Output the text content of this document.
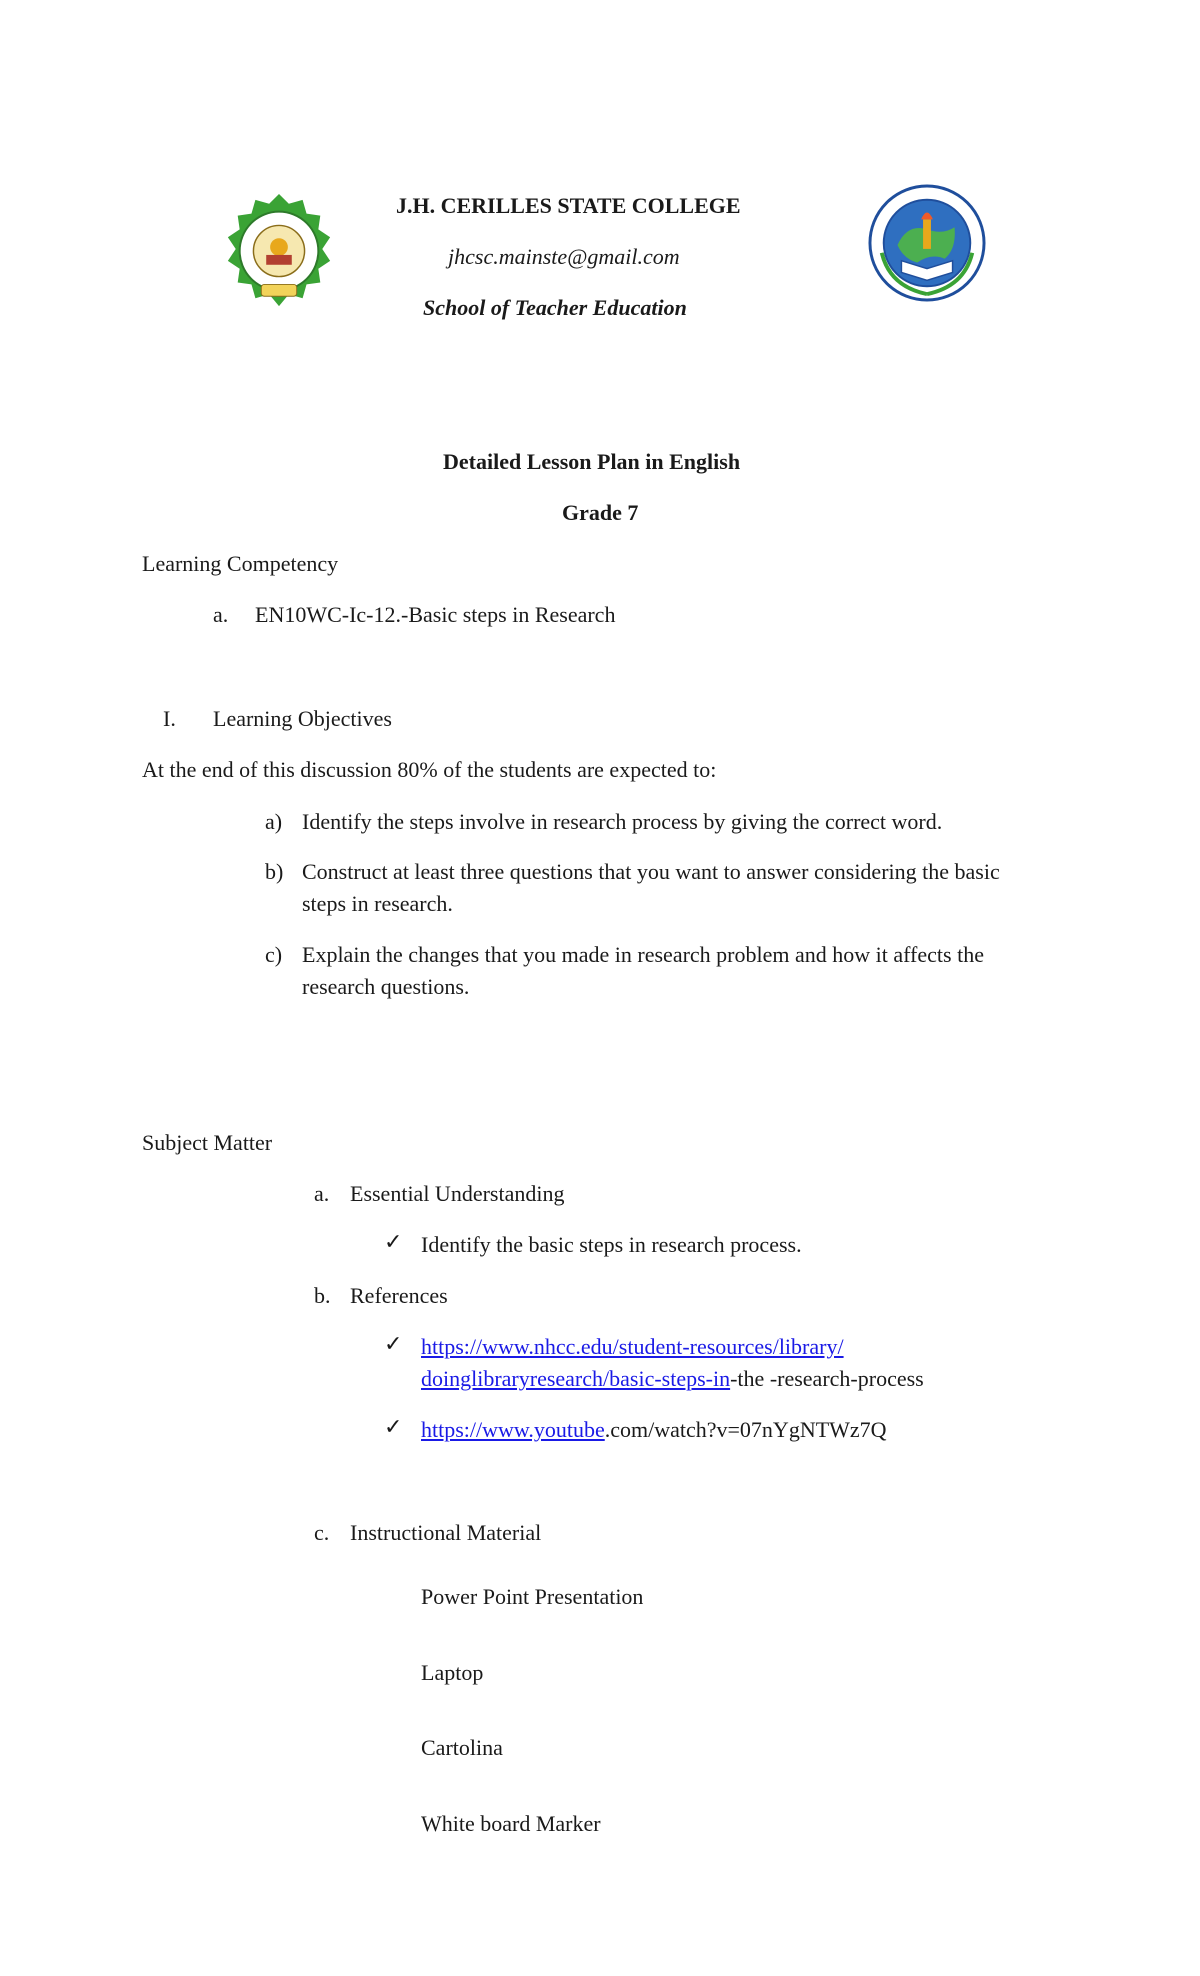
J.H. CERILLES STATE COLLEGE
jhcsc.mainste@gmail.com
School of Teacher Education
Detailed Lesson Plan in English
Grade 7
Learning Competency
a. EN10WC-Ic-12.-Basic steps in Research
I. Learning Objectives
At the end of this discussion 80% of the students are expected to:
a) Identify the steps involve in research process by giving the correct word.
b) Construct at least three questions that you want to answer considering the basic
steps in research.
c) Explain the changes that you made in research problem and how it affects the
research questions.
Subject Matter
a. Essential Understanding
✓ Identify the basic steps in research process.
b. References
✓ https://www.nhcc.edu/student-resources/library/
doinglibraryresearch/basic-steps-in-the -research-process
✓ https://www.youtube.com/watch?v=07nYgNTWz7Q
c. Instructional Material
Power Point Presentation
Laptop
Cartolina
White board Marker
